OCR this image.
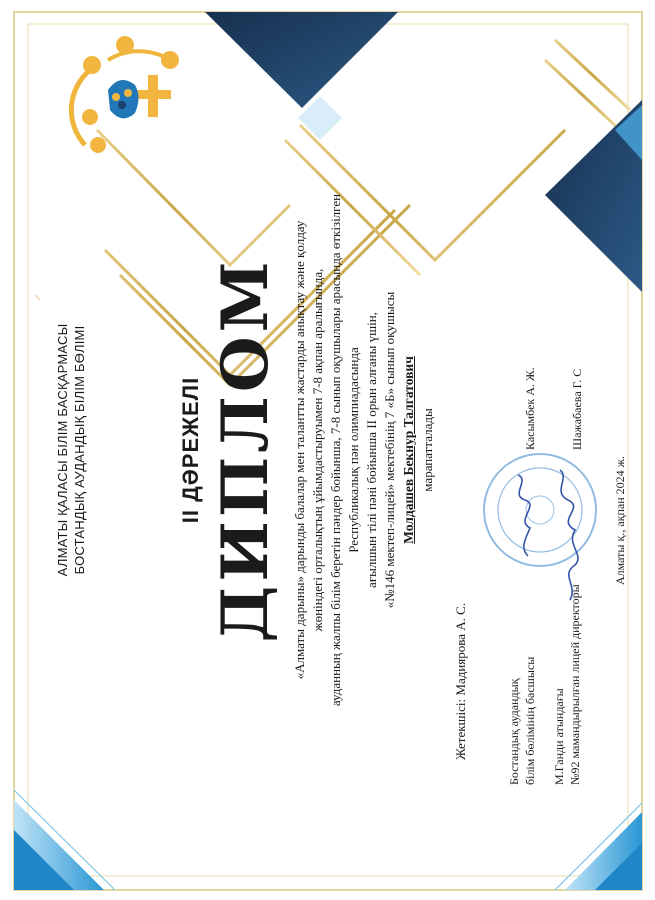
АЛМАТЫ ҚАЛАСЫ БІЛІМ БАСҚАРМАСЫ БОСТАНДЫҚ АУДАНДЫҚ БІЛІМ БӨЛІМІ	II ДӘРЕЖЕЛІ ДИПЛОМ «Алматы дарыны» дарынды балалар мен талантты жастарды анықтау және қолдау жөніндегі орталықтың ұйымдастыруымен 7-8 ақпан аралығында, ауданның жалпы білім беретін пәндер бойынша, 7-8 сынып оқушылары арасында өткізілген Республикалық пән олимпиадасында ағылшын тілі пәні бойынша II орын алғаны үшін, «№146 мектеп-лицей» мектебінің 7 «Б» сынып оқушысы Молдашев Бекнур Талгатович марапатталады
Жетекшісі: Мадиярова А. С.	Бостандық аудандық білім бөлімінің басшысы
Касымбек А. Ж.
М.Ганди атындағы №92 мамандырылған лицей директоры
Шажабаева Г. С
Алматы қ., ақпан 2024 ж.
